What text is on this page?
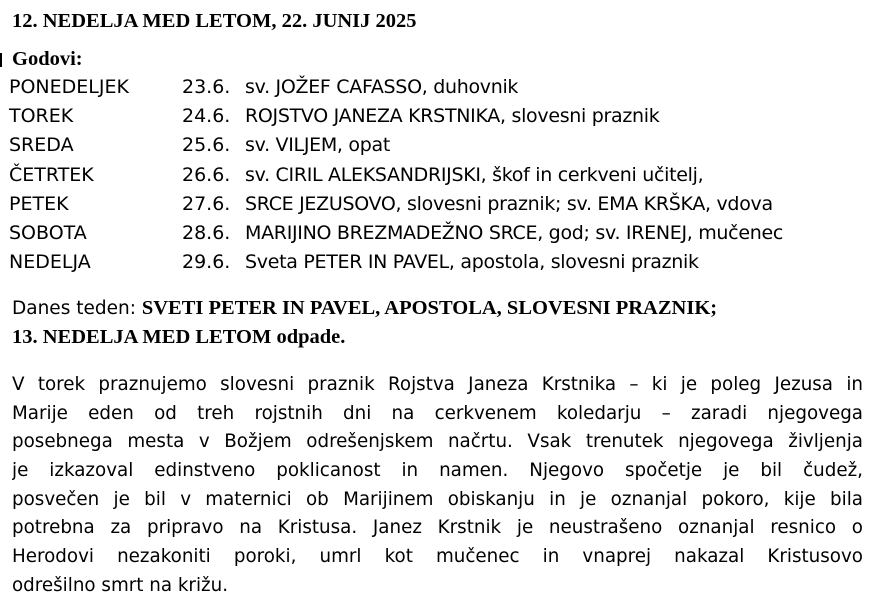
12. NEDELJA MED LETOM, 22. JUNIJ 2025
Godovi:
PONEDELJEK	23.6. sv. JOŽEF CAFASSO, duhovnik
TOREK	24.6. ROJSTVO JANEZA KRSTNIKA, slovesni praznik
SREDA	25.6. sv. VILJEM, opat
ČETRTEK	26.6. sv. CIRIL ALEKSANDRIJSKI, škof in cerkveni učitelj,
PETEK	27.6. SRCE JEZUSOVO, slovesni praznik; sv. EMA KRŠKA, vdova
SOBOTA	28.6. MARIJINO BREZMADEŽNO SRCE, god; sv. IRENEJ, mučenec
NEDELJA	29.6. Sveta PETER IN PAVEL, apostola, slovesni praznik
Danes teden: SVETI PETER IN PAVEL, APOSTOLA, SLOVESNI PRAZNIK;
13. NEDELJA MED LETOM odpade.
V torek praznujemo slovesni praznik Rojstva Janeza Krstnika – ki je poleg Jezusa in
Marije eden od treh rojstnih dni na cerkvenem koledarju – zaradi njegovega
posebnega mesta v Božjem odrešenjskem načrtu. Vsak trenutek njegovega življenja
je izkazoval edinstveno poklicanost in namen. Njegovo spočetje je bil čudež,
posvečen je bil v maternici ob Marijinem obiskanju in je oznanjal pokoro, kije bila
potrebna za pripravo na Kristusa. Janez Krstnik je neustrašeno oznanjal resnico o
Herodovi nezakoniti poroki, umrl kot mučenec in vnaprej nakazal Kristusovo
odrešilno smrt na križu.
